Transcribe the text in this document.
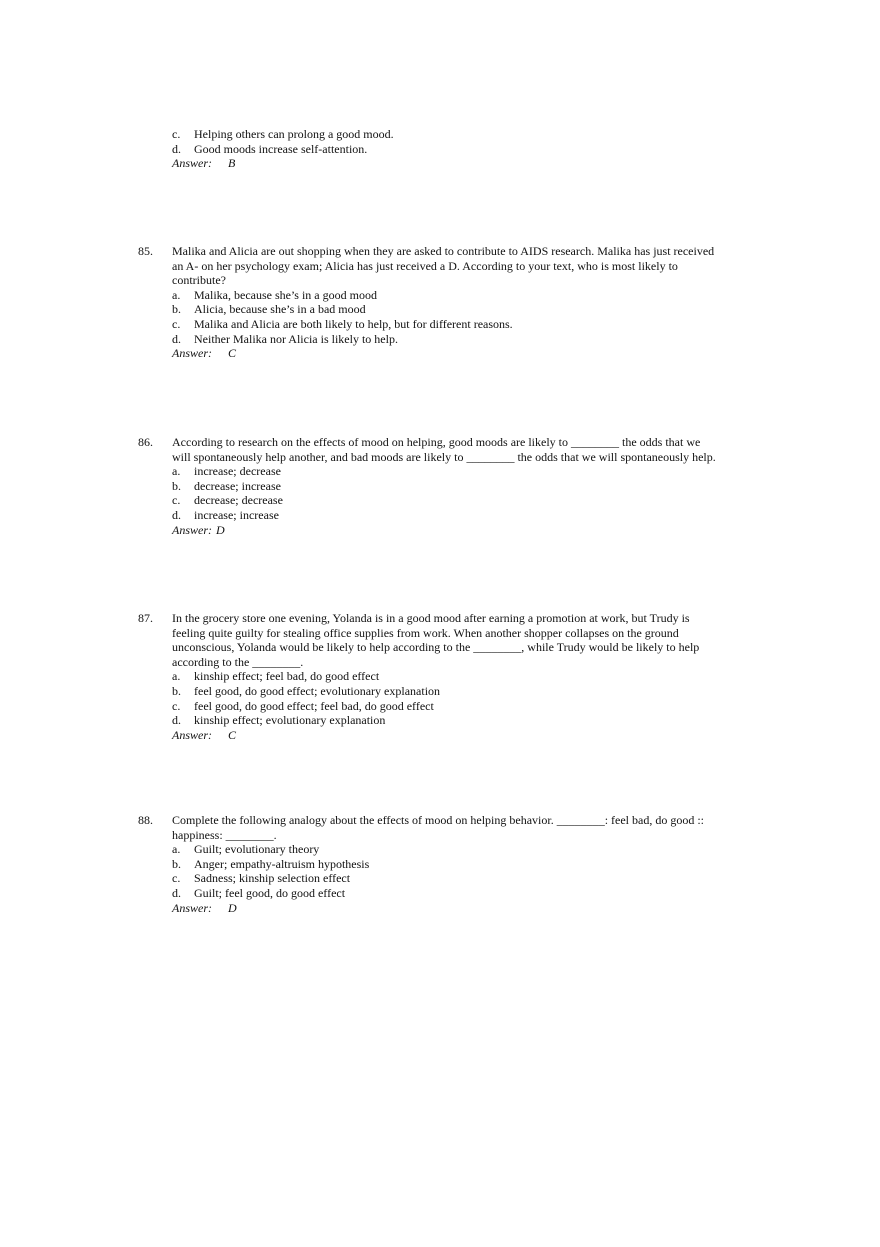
c. Helping others can prolong a good mood.
d. Good moods increase self-attention.
Answer: B
85. Malika and Alicia are out shopping when they are asked to contribute to AIDS research. Malika has just received
an A- on her psychology exam; Alicia has just received a D. According to your text, who is most likely to
contribute?
a. Malika, because she’s in a good mood
b. Alicia, because she’s in a bad mood
c. Malika and Alicia are both likely to help, but for different reasons.
d. Neither Malika nor Alicia is likely to help.
Answer: C
86. According to research on the effects of mood on helping, good moods are likely to ________ the odds that we
will spontaneously help another, and bad moods are likely to ________ the odds that we will spontaneously help.
a. increase; decrease
b. decrease; increase
c. decrease; decrease
d. increase; increase
Answer: D
87. In the grocery store one evening, Yolanda is in a good mood after earning a promotion at work, but Trudy is
feeling quite guilty for stealing office supplies from work. When another shopper collapses on the ground
unconscious, Yolanda would be likely to help according to the ________, while Trudy would be likely to help
according to the ________.
a. kinship effect; feel bad, do good effect
b. feel good, do good effect; evolutionary explanation
c. feel good, do good effect; feel bad, do good effect
d. kinship effect; evolutionary explanation
Answer: C
88. Complete the following analogy about the effects of mood on helping behavior. ________: feel bad, do good ::
happiness: ________.
a. Guilt; evolutionary theory
b. Anger; empathy-altruism hypothesis
c. Sadness; kinship selection effect
d. Guilt; feel good, do good effect
Answer: D
